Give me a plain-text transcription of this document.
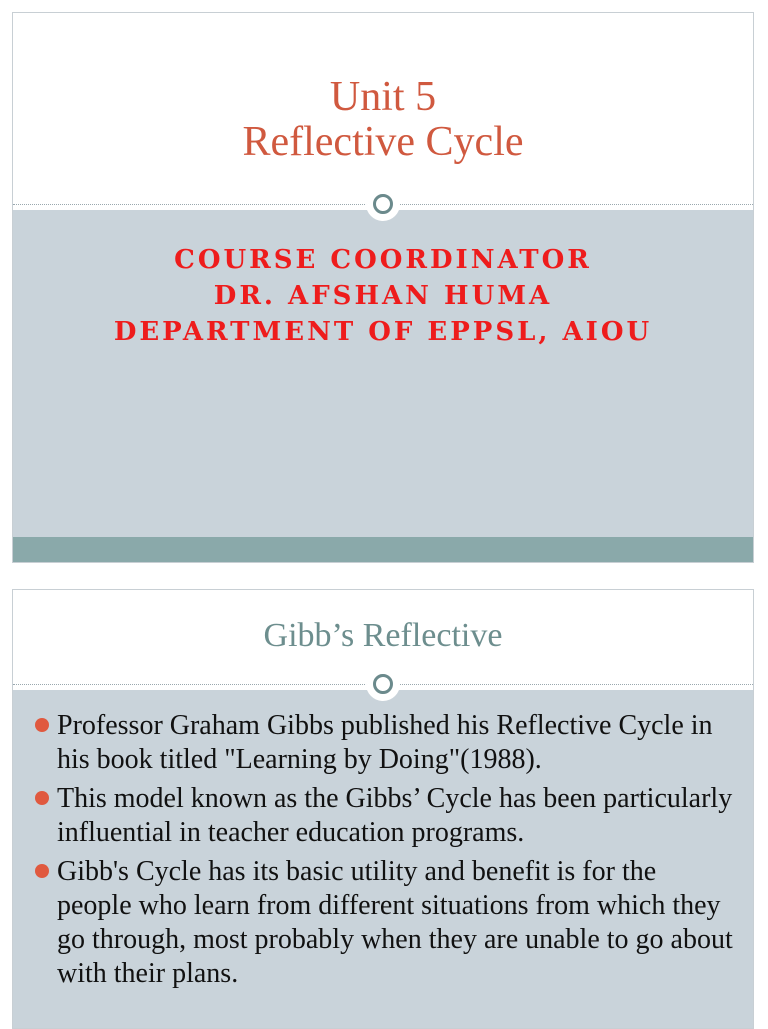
Unit 5
Reflective Cycle
COURSE COORDINATOR
DR. AFSHAN HUMA
DEPARTMENT OF EPPSL, AIOU
Gibb’s Reflective
Professor Graham Gibbs published his Reflective Cycle in his book titled "Learning by Doing"(1988).
This model known as the Gibbs’ Cycle has been particularly influential in teacher education programs.
Gibb's Cycle has its basic utility and benefit is for the people who learn from different situations from which they go through, most probably when they are unable to go about with their plans.
